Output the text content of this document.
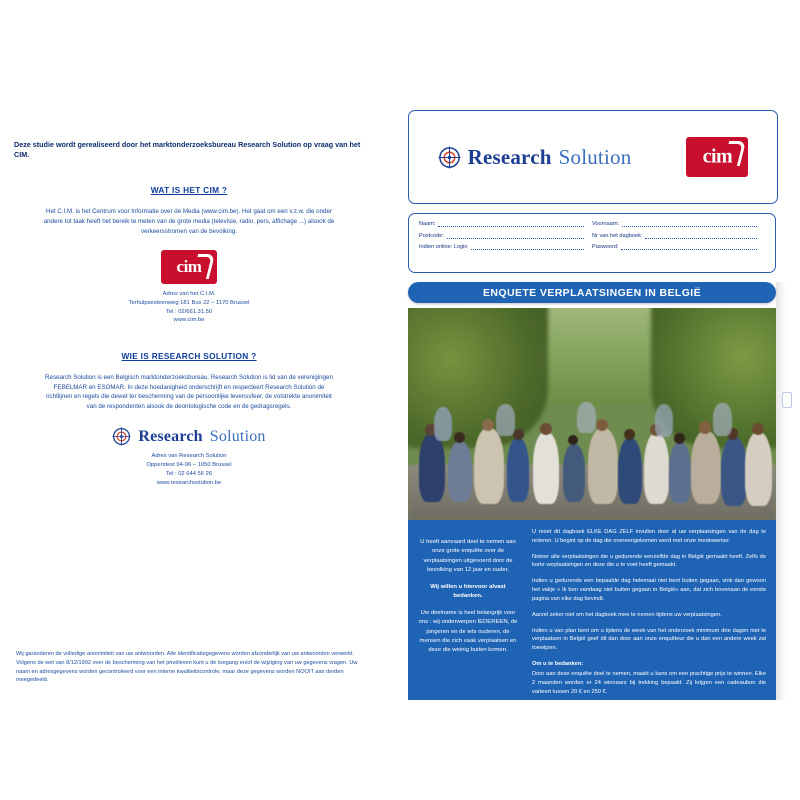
Deze studie wordt gerealiseerd door het marktonderzoeksbureau Research Solution op vraag van het CIM.

WAT IS HET CIM ?
Het C.I.M. is het Centrum voor Informatie over de Media (www.cim.be). Het gaat om een v.z.w. die onder andere tot taak heeft het bereik te meten van de grote media (televisie, radio, pers, affichage ...) alsook de verkeersstromen van de bevolking.
cim
Adres van het C.I.M.
Terhulpsesteenweg 181 Bus 22 – 1170 Brussel
Tel : 02/661.31.50
www.cim.be
WIE IS RESEARCH SOLUTION ?
Research Solution is een Belgisch marktonderzoeksbureau. Research Solution is lid van de verenigingen FEBELMAR en ESOMAR. In deze hoedanigheid onderschrijft en respecteert Research Solution de richtlijnen en regels die dewet ter bescherming van de persoonlijke levenssfeer, de volstrekte anonimiteit van de respondenten alsook de deontologische code en de gedragsregels.
Research Solution
Adres van Research Solution
Opperstest 94-96 – 1050 Brussel
Tel : 02 644 56 26
www.researchsolution.be
Wij garanderen de volledige anonimiteit van uw antwoorden. Alle identificatiegegevens worden afzonderlijk van uw antwoorden verwerkt. Volgens de wet van 8/12/1992 over de bescherming van het privéleven kunt u de toegang en/of de wijziging van uw gegevens vragen. Uw naam en adresgegevens worden gecontroleerd voor een interne kwaliteitscontrole, maar deze gegevens worden NOOIT aan derden meegedeeld.
Research Solution	cim
Naam:	Voornaam:
Postcode:	Nr van het dagboek:
Indien online: Login	Paswoord:
ENQUETE VERPLAATSINGEN IN BELGIË
U heeft aanvaard deel te nemen aan onze grote enquête over de verplaatsingen uitgevoerd door de bevolking van 12 jaar en ouder.
Wij willen u hiervoor alvast bedanken.
Uw deelname is heel belangrijk voor ons : wij onderwerpen IEDEREEN, de jongeren en de iets ouderen, de mensen die zich vaak verplaatsen en deze die weinig buiten komen.

U moet dit dagboek ELKE DAG ZELF invullen door al uw verplaatsingen van de dag te noteren. U begint op de dag die overeengekomen werd met onze medewerker.

Noteer alle verplaatsingen die u gedurende eenzelfde dag in België gemaakt heeft. Zelfs de korte verplaatsingen en deze die u te voet heeft gemaakt.

Indien u gedurende een bepaalde dag helemaal niet bent buiten gegaan, vink dan gewoon het vakje « Ik ben vandaag niet buiten gegaan in België» aan, dat zich bovenaan de eerste pagina van elke dag bevindt.

Aarzel zeker niet om het dagboek mee te nemen tijdens uw verplaatsingen.

Indien u van plan bent om u tijdens de week van het onderzoek minimum drie dagen niet te verplaatsen in België geef dit dan door aan onze enquêteur die u dan een andere week zal toewijzen.

Om u te bedanken:

Door aan deze enquête deel te nemen, maakt u kans om een prachtige prijs te winnen. Elke 2 maanden worden er 24 winnaars bij trekking bepaald. Zij krijgen een cadeaubon die varieert tussen 20 € en 250 €.
